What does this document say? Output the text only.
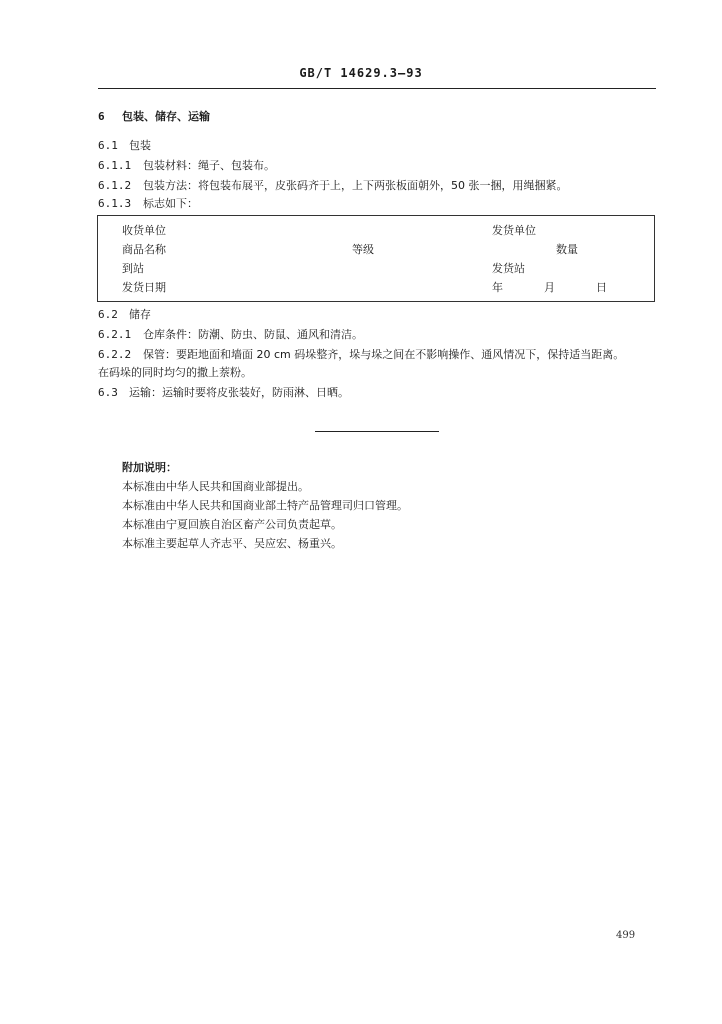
GB/T 14629.3—93
6 包装、储存、运输
6.1 包装
6.1.1 包装材料：绳子、包装布。
6.1.2 包装方法：将包装布展平，皮张码齐于上，上下两张板面朝外，50 张一捆，用绳捆紧。
6.1.3 标志如下：
收货单位	发货单位
商品名称	等级	数量
到站	发货站
发货日期	年	月	日
6.2 储存
6.2.1 仓库条件：防潮、防虫、防鼠、通风和清洁。
6.2.2 保管：要距地面和墙面 20 cm 码垛整齐，垛与垛之间在不影响操作、通风情况下，保持适当距离。
在码垛的同时均匀的撒上萘粉。
6.3 运输：运输时要将皮张装好，防雨淋、日晒。
附加说明：
本标准由中华人民共和国商业部提出。
本标准由中华人民共和国商业部土特产品管理司归口管理。
本标准由宁夏回族自治区畜产公司负责起草。
本标准主要起草人齐志平、吴应宏、杨重兴。
499
